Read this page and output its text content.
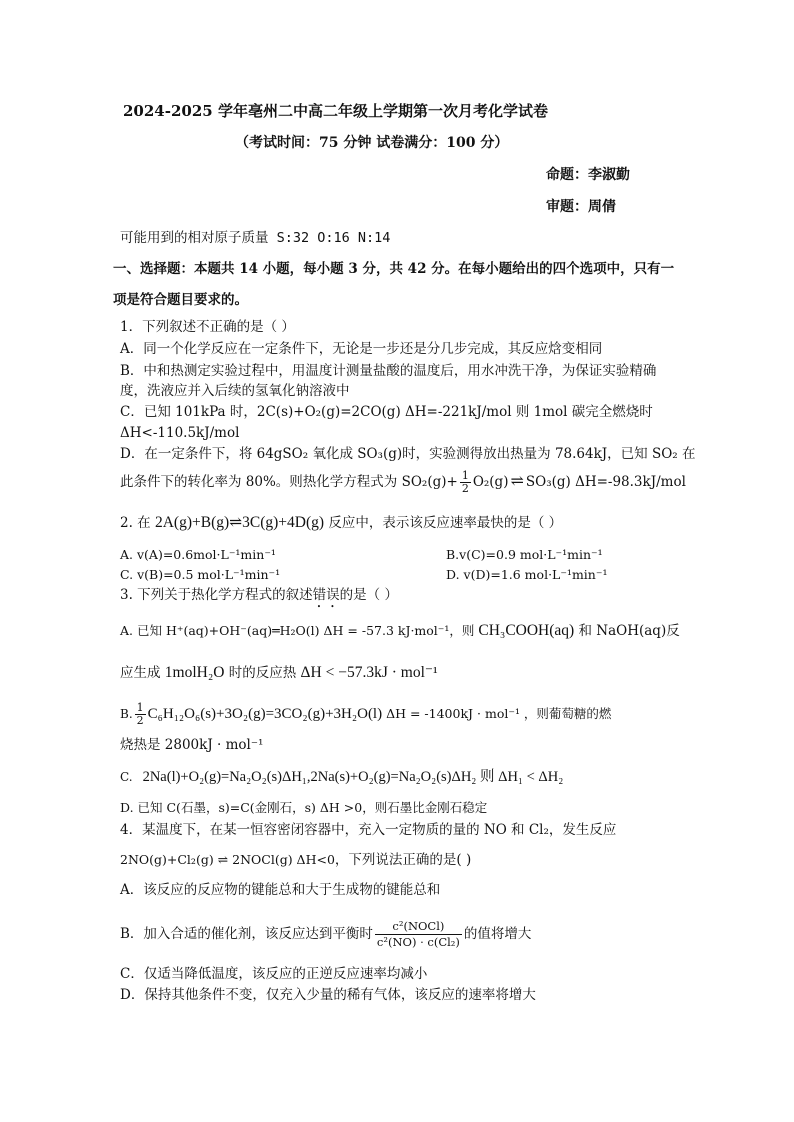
2024-2025 学年亳州二中高二年级上学期第一次月考化学试卷
（考试时间：75 分钟 试卷满分：100 分）
命题：李淑勤
审题：周倩
可能用到的相对原子质量 S:32 O:16 N:14
一、选择题：本题共 14 小题，每小题 3 分，共 42 分。在每小题给出的四个选项中，只有一
项是符合题目要求的。
1．下列叙述不正确的是（ ）
A．同一个化学反应在一定条件下，无论是一步还是分几步完成，其反应焓变相同
B．中和热测定实验过程中，用温度计测量盐酸的温度后，用水冲洗干净，为保证实验精确
度，洗液应并入后续的氢氧化钠溶液中
C．已知 101kPa 时，2C(s)+O₂(g)=2CO(g) ΔH=-221kJ/mol 则 1mol 碳完全燃烧时
ΔH<-110.5kJ/mol
D．在一定条件下，将 64gSO₂ 氧化成 SO₃(g)时，实验测得放出热量为 78.64kJ，已知 SO₂ 在
此条件下的转化率为 80%。则热化学方程式为 $SO_2(g)+ \frac{1}{2} O_2(g)$ ⇌ SO₃(g) ΔH=-98.3kJ/mol
2. 在 2A(g)+B(g)⇌3C(g)+4D(g) 反应中，表示该反应速率最快的是（ ）
A. v(A)=0.6mol·L⁻¹min⁻¹	B.v(C)=0.9 mol·L⁻¹min⁻¹
C. v(B)=0.5 mol·L⁻¹min⁻¹	D. v(D)=1.6 mol·L⁻¹min⁻¹
3. 下列关于热化学方程式的叙述错误的是（ ）
A. 已知 H⁺(aq)+OH⁻(aq)═H₂O(l) ΔH = -57.3 kJ·mol⁻¹，则 CH₃COOH(aq) 和 NaOH(aq)反
应生成 1molH₂O 时的反应热 ΔH < −57.3kJ · mol⁻¹
B. $\frac{1}{2} C_6H_{12}O_6(s)+3O_2(g)=3CO_2(g)+3H_2O(l) \Delta H = -1400kJ \cdot mol^{-1}$ ，则葡萄糖的燃
烧热是 2800kJ · mol⁻¹
C. 2Na(l)+O₂(g)=Na₂O₂(s)ΔH₁,2Na(s)+O₂(g)=Na₂O₂(s)ΔH₂ 则 ΔH₁ < ΔH₂
D. 已知 C(石墨，s)=C(金刚石，s) ΔH >0，则石墨比金刚石稳定
4．某温度下，在某一恒容密闭容器中，充入一定物质的量的 NO 和 Cl₂，发生反应
2NO(g)+Cl₂(g) ⇌ 2NOCl(g) ΔH<0，下列说法正确的是( )
A．该反应的反应物的键能总和大于生成物的键能总和
B．加入合适的催化剂，该反应达到平衡时 $\frac{\text{c²(NOCl)}}{\text{c²(NO) · c(Cl₂)}}$ 的值将增大
C．仅适当降低温度，该反应的正逆反应速率均减小
D．保持其他条件不变，仅充入少量的稀有气体，该反应的速率将增大
